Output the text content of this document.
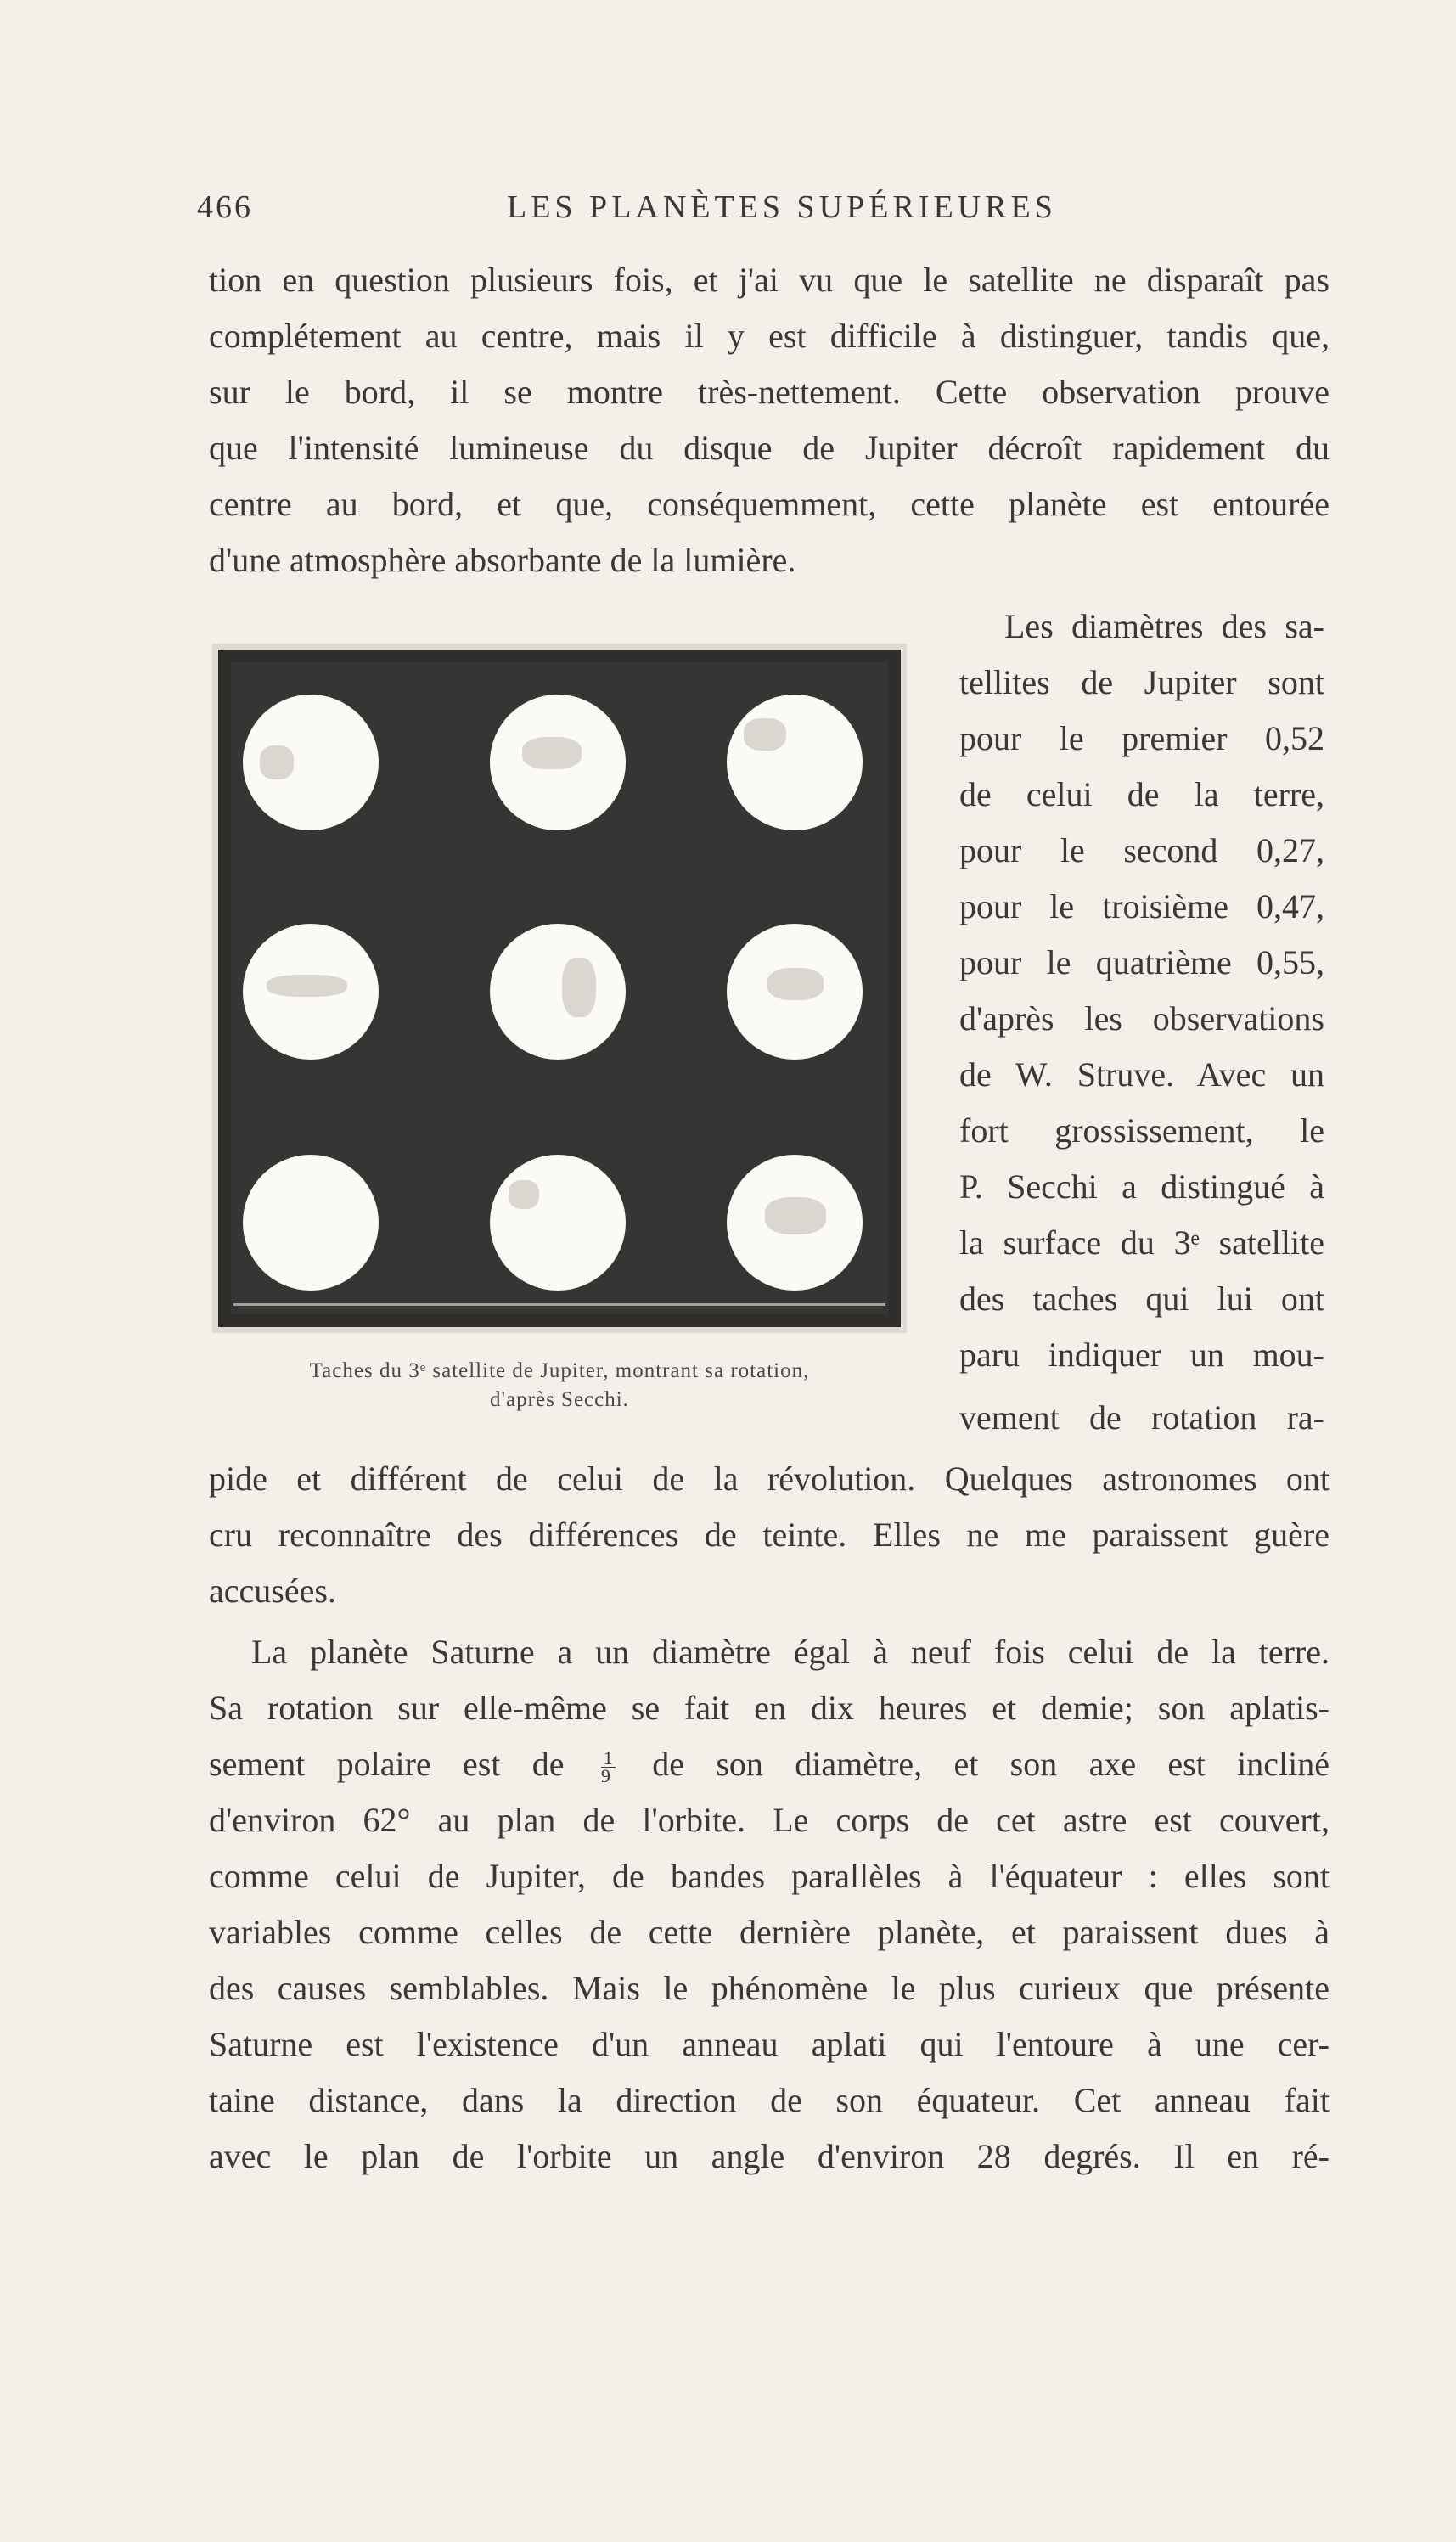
466	LES PLANÈTES SUPÉRIEURES
tion en question plusieurs fois, et j'ai vu que le satellite ne disparaît pas
complétement au centre, mais il y est difficile à distinguer, tandis que,
sur le bord, il se montre très-nettement. Cette observation prouve
que l'intensité lumineuse du disque de Jupiter décroît rapidement du
centre au bord, et que, conséquemment, cette planète est entourée
d'une atmosphère absorbante de la lumière.
Taches du 3ᵉ satellite de Jupiter, montrant sa rotation,
d'après Secchi.
Les diamètres des sa-
tellites de Jupiter sont
pour le premier 0,52
de celui de la terre,
pour le second 0,27,
pour le troisième 0,47,
pour le quatrième 0,55,
d'après les observations
de W. Struve. Avec un
fort grossissement, le
P. Secchi a distingué à
la surface du 3ᵉ satellite
des taches qui lui ont
paru indiquer un mou-
vement de rotation ra-
pide et différent de celui de la révolution. Quelques astronomes ont
cru reconnaître des différences de teinte. Elles ne me paraissent guère
accusées.
La planète Saturne a un diamètre égal à neuf fois celui de la terre.
Sa rotation sur elle-même se fait en dix heures et demie; son aplatis-
sement polaire est de $\frac{1}{9}$ de son diamètre, et son axe est incliné
d'environ 62° au plan de l'orbite. Le corps de cet astre est couvert,
comme celui de Jupiter, de bandes parallèles à l'équateur : elles sont
variables comme celles de cette dernière planète, et paraissent dues à
des causes semblables. Mais le phénomène le plus curieux que présente
Saturne est l'existence d'un anneau aplati qui l'entoure à une cer-
taine distance, dans la direction de son équateur. Cet anneau fait
avec le plan de l'orbite un angle d'environ 28 degrés. Il en ré-
